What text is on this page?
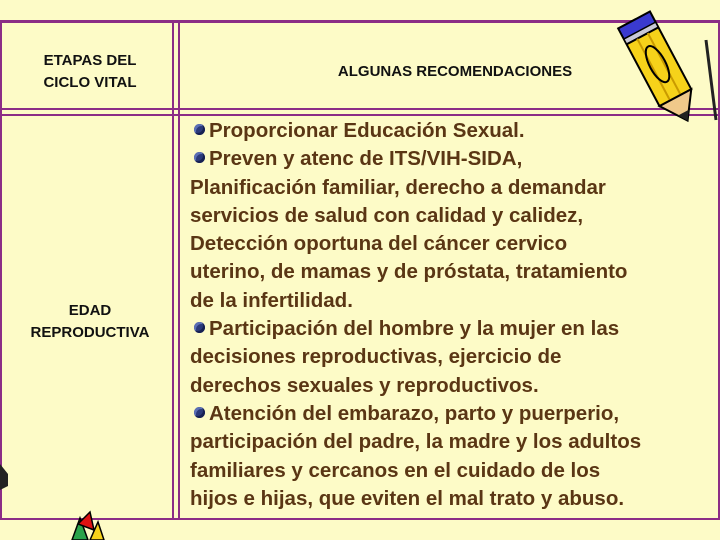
ETAPAS DEL
CICLO VITAL
ALGUNAS RECOMENDACIONES
EDAD
REPRODUCTIVA
Proporcionar Educación Sexual.
Preven y atenc de ITS/VIH-SIDA,
Planificación familiar, derecho a demandar
servicios de salud con calidad y calidez,
Detección oportuna del cáncer cervico
uterino, de mamas y de próstata, tratamiento
de la infertilidad.
Participación del hombre y la mujer en las
decisiones reproductivas, ejercicio de
derechos sexuales y reproductivos.
Atención del embarazo, parto y puerperio,
participación del padre, la madre y los adultos
familiares y cercanos en el cuidado de los
hijos e hijas, que eviten el mal trato y abuso.
